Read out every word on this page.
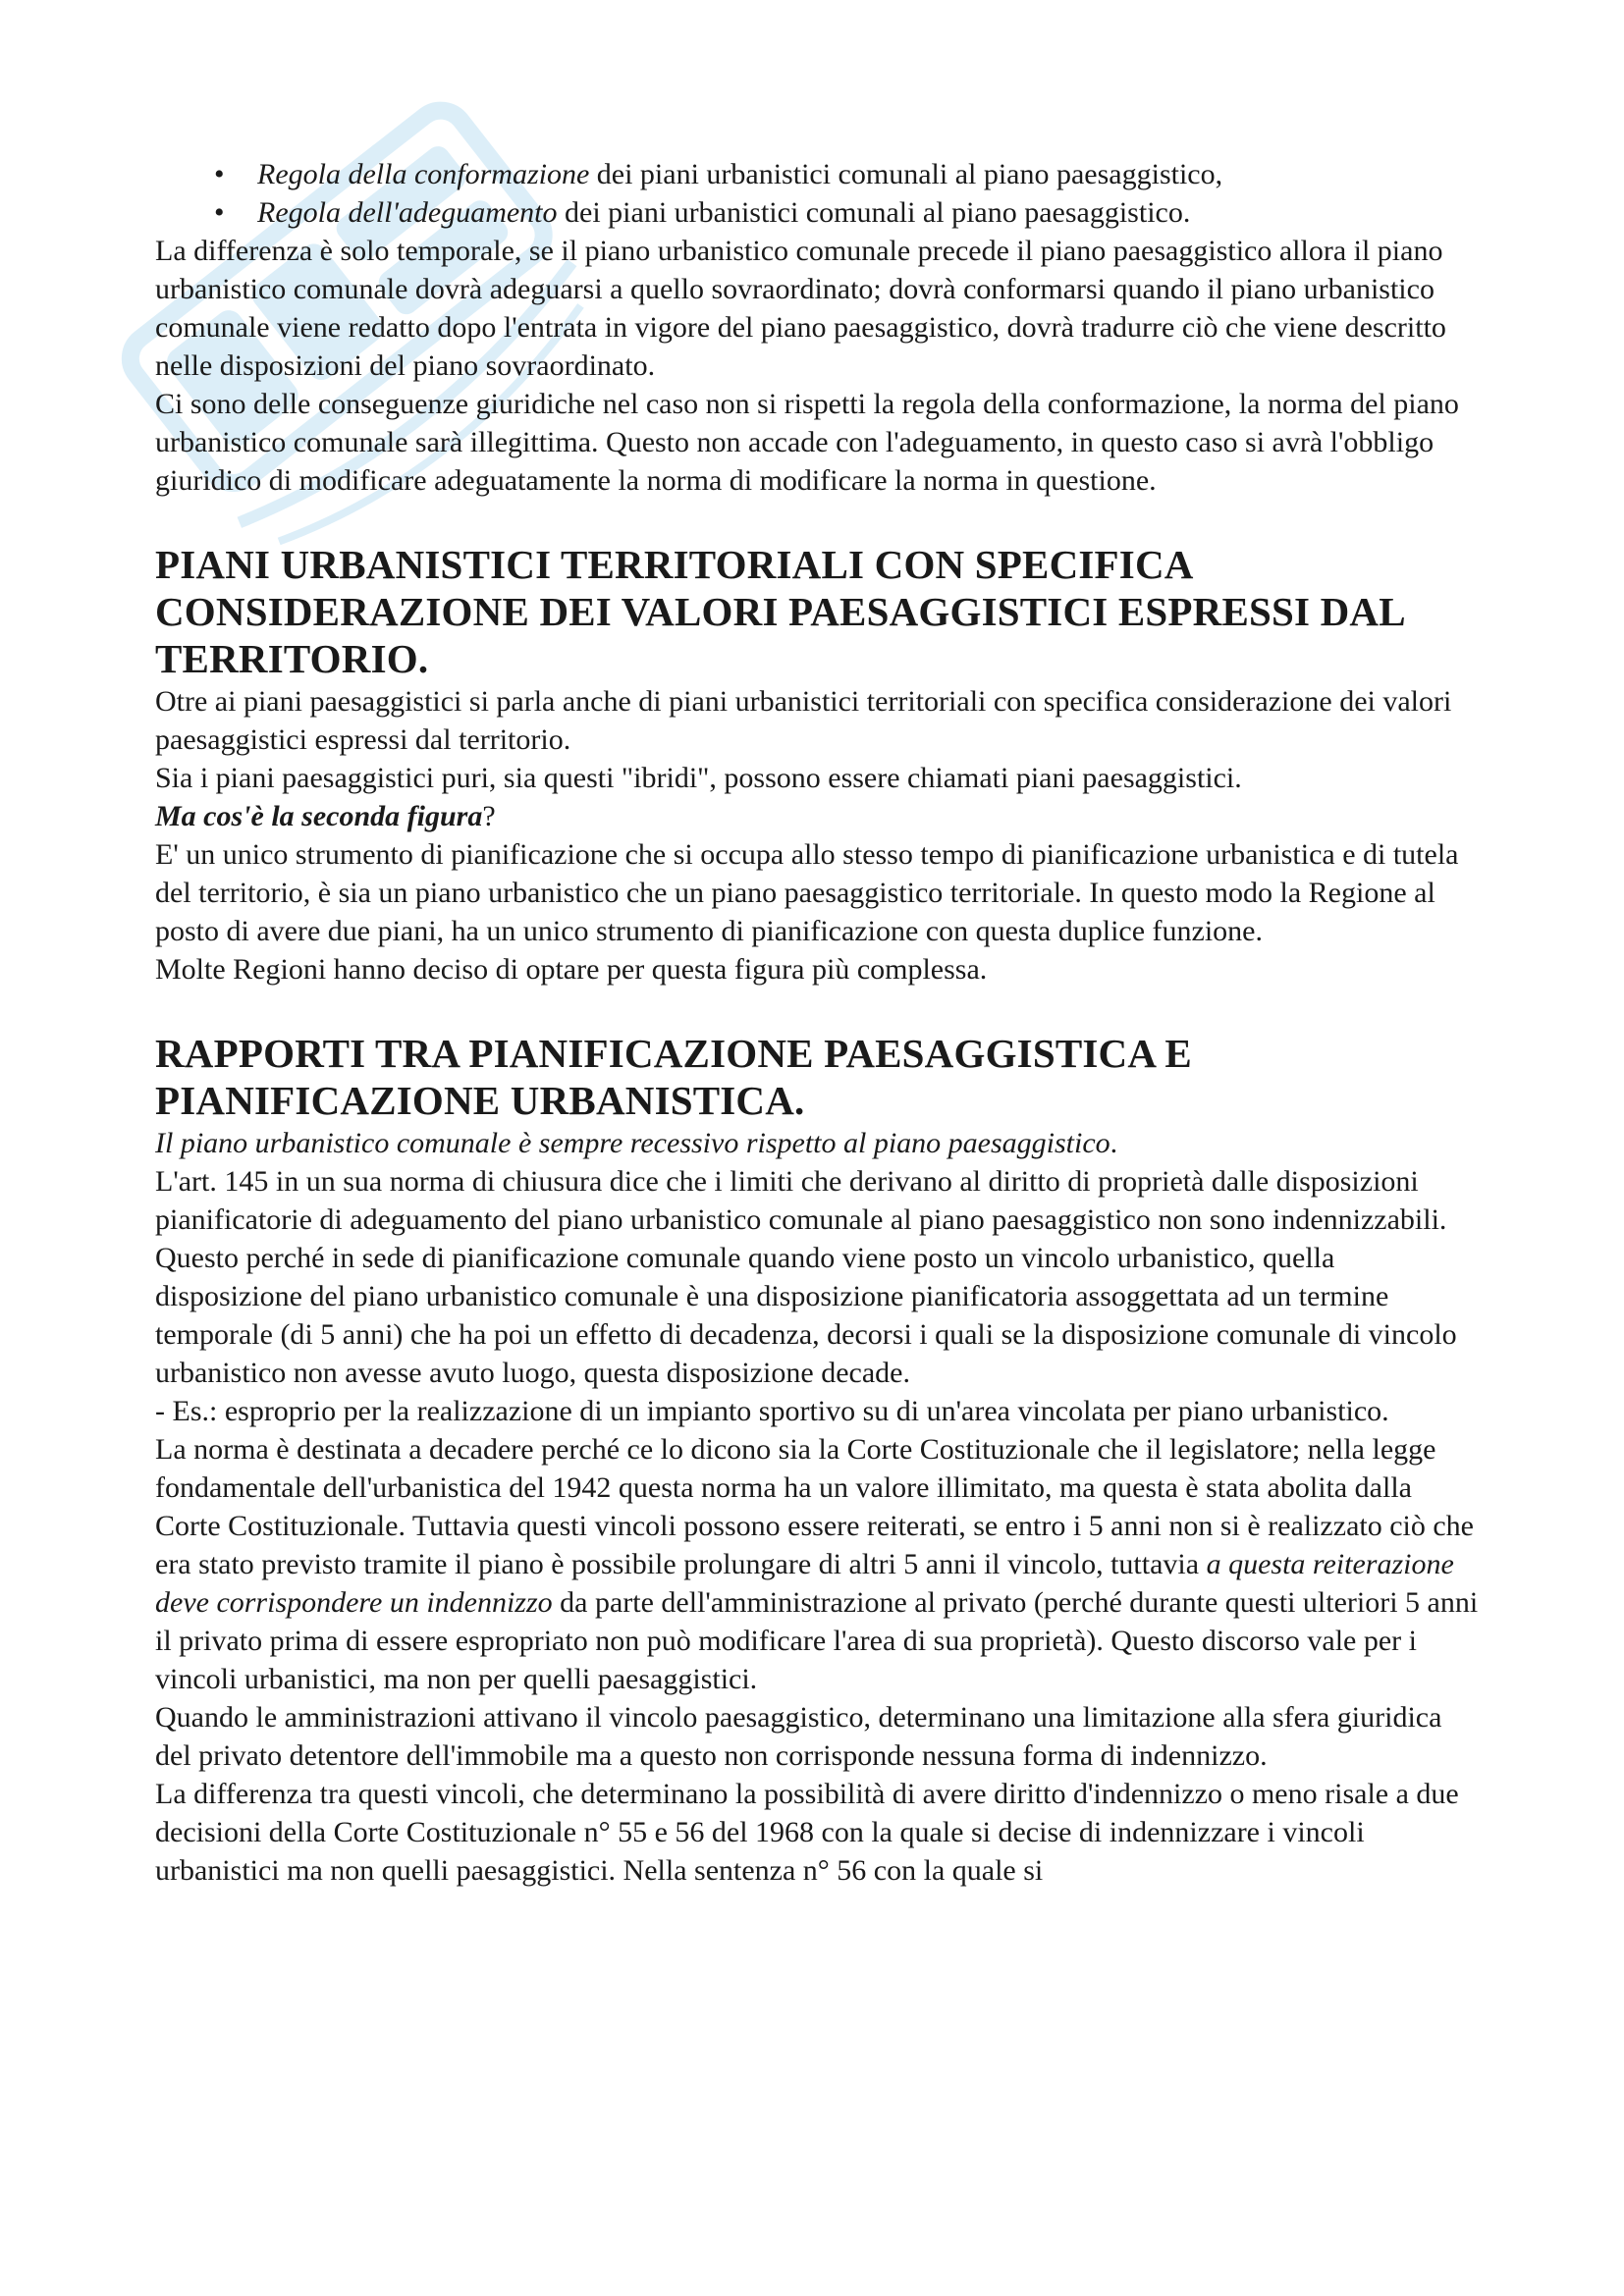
• Regola della conformazione dei piani urbanistici comunali al piano paesaggistico,
• Regola dell'adeguamento dei piani urbanistici comunali al piano paesaggistico.

La differenza è solo temporale, se il piano urbanistico comunale precede il piano paesaggistico allora il piano urbanistico comunale dovrà adeguarsi a quello sovraordinato; dovrà conformarsi quando il piano urbanistico comunale viene redatto dopo l'entrata in vigore del piano paesaggistico, dovrà tradurre ciò che viene descritto nelle disposizioni del piano sovraordinato.

Ci sono delle conseguenze giuridiche nel caso non si rispetti la regola della conformazione, la norma del piano urbanistico comunale sarà illegittima. Questo non accade con l'adeguamento, in questo caso si avrà l'obbligo giuridico di modificare adeguatamente la norma di modificare la norma in questione.

PIANI URBANISTICI TERRITORIALI CON SPECIFICA CONSIDERAZIONE DEI VALORI PAESAGGISTICI ESPRESSI DAL TERRITORIO.

Otre ai piani paesaggistici si parla anche di piani urbanistici territoriali con specifica considerazione dei valori paesaggistici espressi dal territorio.

Sia i piani paesaggistici puri, sia questi "ibridi", possono essere chiamati piani paesaggistici.

Ma cos'è la seconda figura?

E' un unico strumento di pianificazione che si occupa allo stesso tempo di pianificazione urbanistica e di tutela del territorio, è sia un piano urbanistico che un piano paesaggistico territoriale. In questo modo la Regione al posto di avere due piani, ha un unico strumento di pianificazione con questa duplice funzione.

Molte Regioni hanno deciso di optare per questa figura più complessa.

RAPPORTI TRA PIANIFICAZIONE PAESAGGISTICA E PIANIFICAZIONE URBANISTICA.

Il piano urbanistico comunale è sempre recessivo rispetto al piano paesaggistico.

L'art. 145 in un sua norma di chiusura dice che i limiti che derivano al diritto di proprietà dalle disposizioni pianificatorie di adeguamento del piano urbanistico comunale al piano paesaggistico non sono indennizzabili. Questo perché in sede di pianificazione comunale quando viene posto un vincolo urbanistico, quella disposizione del piano urbanistico comunale è una disposizione pianificatoria assoggettata ad un termine temporale (di 5 anni) che ha poi un effetto di decadenza, decorsi i quali se la disposizione comunale di vincolo urbanistico non avesse avuto luogo, questa disposizione decade.

- Es.: esproprio per la realizzazione di un impianto sportivo su di un'area vincolata per piano urbanistico.

La norma è destinata a decadere perché ce lo dicono sia la Corte Costituzionale che il legislatore; nella legge fondamentale dell'urbanistica del 1942 questa norma ha un valore illimitato, ma questa è stata abolita dalla Corte Costituzionale. Tuttavia questi vincoli possono essere reiterati, se entro i 5 anni non si è realizzato ciò che era stato previsto tramite il piano è possibile prolungare di altri 5 anni il vincolo, tuttavia a questa reiterazione deve corrispondere un indennizzo da parte dell'amministrazione al privato (perché durante questi ulteriori 5 anni il privato prima di essere espropriato non può modificare l'area di sua proprietà). Questo discorso vale per i vincoli urbanistici, ma non per quelli paesaggistici.

Quando le amministrazioni attivano il vincolo paesaggistico, determinano una limitazione alla sfera giuridica del privato detentore dell'immobile ma a questo non corrisponde nessuna forma di indennizzo.

La differenza tra questi vincoli, che determinano la possibilità di avere diritto d'indennizzo o meno risale a due decisioni della Corte Costituzionale n° 55 e 56 del 1968 con la quale si decise di indennizzare i vincoli urbanistici ma non quelli paesaggistici. Nella sentenza n° 56 con la quale si
